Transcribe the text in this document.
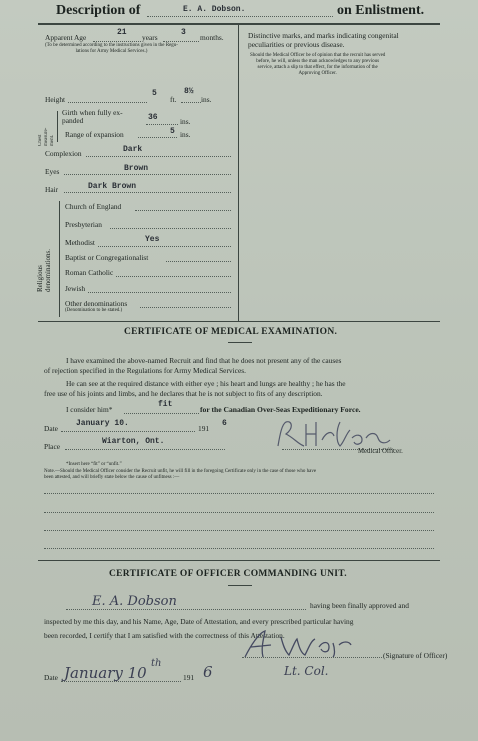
Description of	E. A. Dobson.	on Enlistment.
Apparent Age
21
years
3
months.
(To be determined according to the instructions given in the Regu-
lations for Army Medical Services.)
Distinctive marks, and marks indicating congenital
peculiarities or previous disease.
Should the Medical Officer be of opinion that the recruit has served
before, he will, unless the man acknowledges to any previous
service, attach a slip to that effect, for the information of the
Approving Officer.
Height
5
ft.
8½
ins.
Chest
measure-
ment.
Girth when fully ex-
panded	36	ins.
Range of expansion	5 ins.
Complexion	Dark
Eyes	Brown
Hair	Dark Brown
Religious
denominations.
Church of England
Presbyterian
Methodist	Yes
Baptist or Congregationalist
Roman Catholic
Jewish
Other denominations
(Denomination to be stated.)
CERTIFICATE OF MEDICAL EXAMINATION.
I have examined the above-named Recruit and find that he does not present any of the causes
of rejection specified in the Regulations for Army Medical Services.
He can see at the required distance with either eye ; his heart and lungs are healthy ; he has the
free use of his joints and limbs, and he declares that he is not subject to fits of any description.
I consider him*
fit
for the Canadian Over-Seas Expeditionary Force.
Date
January 10.
191
6
Place
Wiarton, Ont.
Medical Officer.
*Insert here “fit” or “unfit.”
Note.—Should the Medical Officer consider the Recruit unfit, he will fill in the foregoing Certificate only in the case of those who have
been attested, and will briefly state below the cause of unfitness :—
CERTIFICATE OF OFFICER COMMANDING UNIT.
E. A. Dobson	having been finally approved and
inspected by me this day, and his Name, Age, Date of Attestation, and every prescribed particular having
been recorded, I certify that I am satisfied with the correctness of this Attestation.
(Signature of Officer)
Date January 10
th
191 6	Lt. Col.
